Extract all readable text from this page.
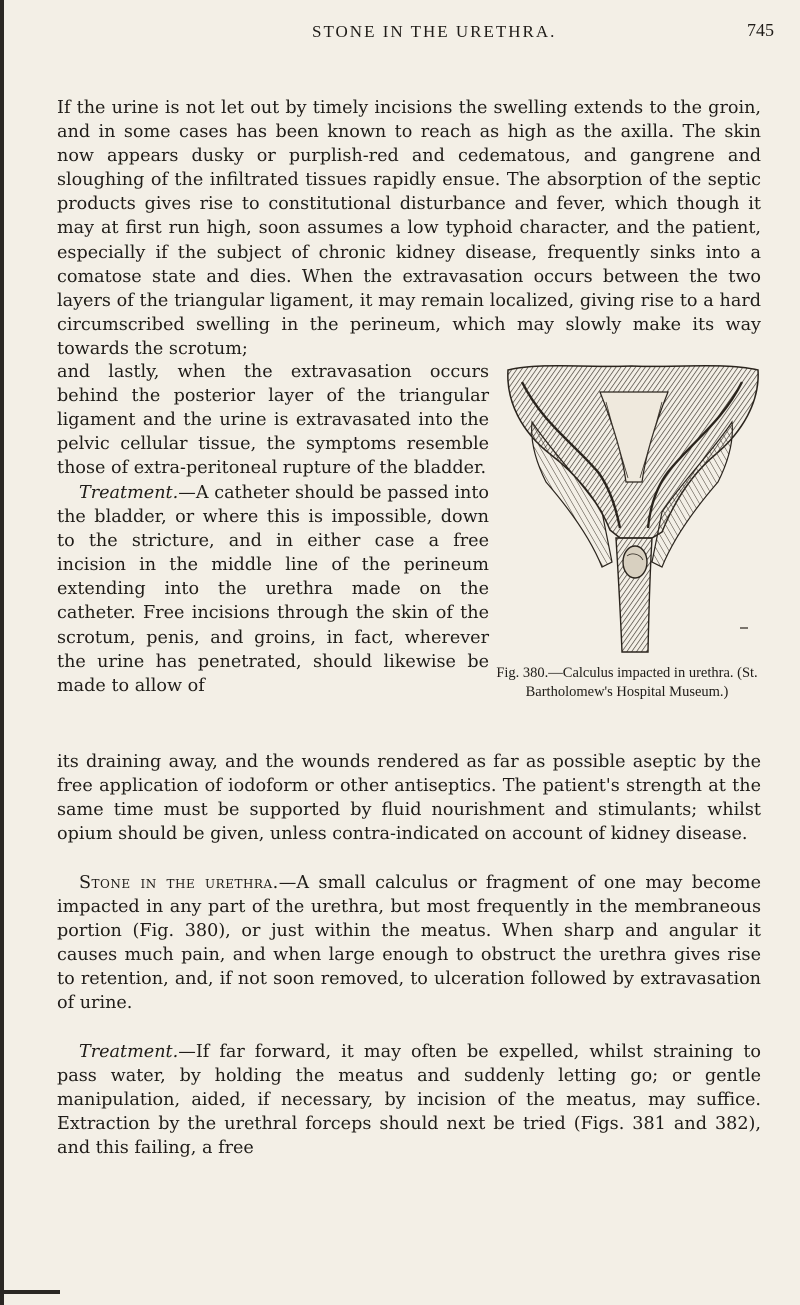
STONE IN THE URETHRA.	745

If the urine is not let out by timely incisions the swelling extends to the groin, and in some cases has been known to reach as high as the axilla. The skin now appears dusky or purplish-red and cedematous, and gangrene and sloughing of the infiltrated tissues rapidly ensue. The absorption of the septic products gives rise to constitutional disturbance and fever, which though it may at first run high, soon assumes a low typhoid character, and the patient, especially if the subject of chronic kidney disease, frequently sinks into a comatose state and dies. When the extravasation occurs between the two layers of the triangular ligament, it may remain localized, giving rise to a hard circumscribed swelling in the perineum, which may slowly make its way towards the scrotum;

and lastly, when the extravasation occurs behind the posterior layer of the triangular ligament and the urine is extravasated into the pelvic cellular tissue, the symptoms resemble those of extra-peritoneal rupture of the bladder.

Treatment.—A catheter should be passed into the bladder, or where this is impossible, down to the stricture, and in either case a free incision in the middle line of the perineum extending into the urethra made on the catheter. Free incisions through the skin of the scrotum, penis, and groins, in fact, wherever the urine has penetrated, should likewise be made to allow of

its draining away, and the wounds rendered as far as possible aseptic by the free application of iodoform or other antiseptics. The patient's strength at the same time must be supported by fluid nourishment and stimulants; whilst opium should be given, unless contra-indicated on account of kidney disease.

Stone in the urethra.—A small calculus or fragment of one may become impacted in any part of the urethra, but most frequently in the membraneous portion (Fig. 380), or just within the meatus. When sharp and angular it causes much pain, and when large enough to obstruct the urethra gives rise to retention, and, if not soon removed, to ulceration followed by extravasation of urine.

Treatment.—If far forward, it may often be expelled, whilst straining to pass water, by holding the meatus and suddenly letting go; or gentle manipulation, aided, if necessary, by incision of the meatus, may suffice. Extraction by the urethral forceps should next be tried (Figs. 381 and 382), and this failing, a free

Fig. 380.—Calculus impacted in urethra. (St. Bartholomew's Hospital Museum.)
